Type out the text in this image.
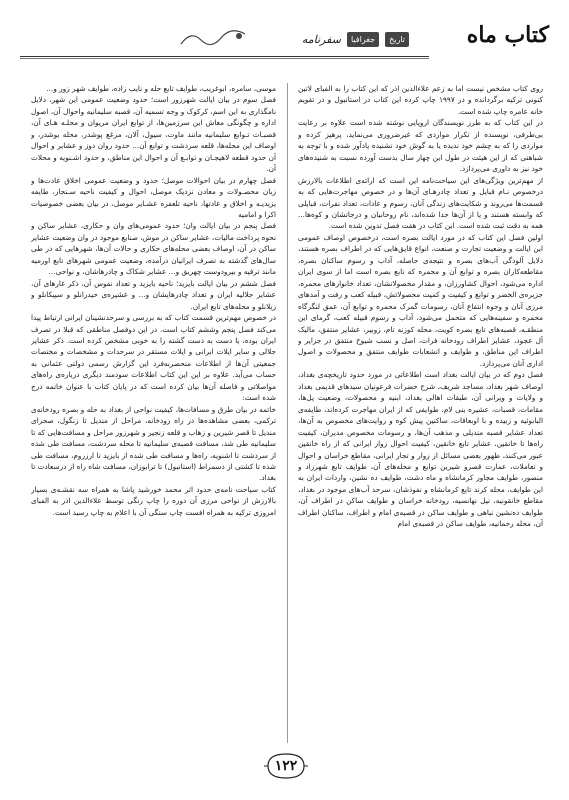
کتاب ماه
تاریخ
جغرافیا
سفرنامه

روی کتاب مشخص نیست اما به زعم علاءالدین اذر که این کتاب را به الفبای لاتین کنونی ترکیه برگردانده و در ۱۹۹۷ چاپ کرده این کتاب در استانبول و در تقویم خانه عامره چاپ شده است.

در این کتاب که به طرز نویسندگان اروپایی نوشته شده است علاوه بر رعایت بی‌طرفی، نویسنده از تکرار مواردی که غیرضروری می‌نماید، پرهیز کرده و مواردی را که به چشم خود ندیده یا به گوش خود نشنیده یادآور شده و با توجه به شباهتی که از این هیئت در طول این چهار سال بدست آورده نسبت به شنیده‌های خود نیز به داوری می‌پردازد.

از مهم‌ترین ویژگی‌های این سیاحت‌نامه این است که ارائه‌ی اطلاعات بالارزش درخصوص نـام قبایل و تعداد چادرهـای آن‌ها و در خصوص مهاجرت‌هایی که به قسمت‌ها می‌روند و شکایت‌های زندگی آنان، رسوم و عادات، تعداد نفرات، قبایلی که وابسته هستند و یا از آن‌ها جدا شده‌اند، نام روحانیان و درجاتشان و کوه‌ها... همه به دقت ثبت شده است. این کتاب در هفت فصل تدوین شده است.

اولین فصل این کتاب که در مورد ایالت بصره است، درخصوص اوصاف عمومی این ایالت و وضعیت تجارت و صنعت، انواع قایق‌هایی که در اطراف بصره هستند، دلایل آلودگی آب‌های بصره و نتیجه‌ی حاصله، آداب و رسوم ساکنان بصره، مقاطعه‌کاران بصره و توابع آن و محمره که تابع بصره است اما از سوی ایران اداره می‌شود، احوال کشاورزان، و مقدار محصولاتشان، تعداد خانوارهای محمره، جزیره‌ی الخضر و توابع و کیفیت و کمیت محصولاتش، قبیله کعب و رفت و آمدهای مرزی آنان و وجوه انتفاع آنان، رسومات گمرک محمره و توابع آن، عمق لنگرگاه محمره و سفینه‌هایی که متحمل می‌شود، آداب و رسوم قبیله کعب، گرمای این منطقـه، قصبه‌های تابع بصره کویت، محله کوزنه تام، زوبیر، عشایر منتفق، مالیک آل عجود، عشایر اطراف رودخانه فرات، اصل و نسب شیوخ منتفق در جزایر و اطراف این مناطق، و طوایف و انشعابات طوایف منتفق و محصولات و اصول اداری آنان می‌پردازد.

فصل دوم که در بیان ایالت بغداد است اطلاعاتی در مورد حدود تاریخچه‌ی بغداد، اوصاف شهر بغداد، مساجد شریف، شرح حضرات فرعونیان سیدهای قدیمی بغداد و ولایات و ویرانی آن، طبقات اهالی بغداد، ابنیه و محصولات، وضعیت پل‌ها، مقامات، قصبات، عشیره بنی لام، طوایفی که از ایران مهاجرت کرده‌اند، طایفه‌ی البابوئیه و زبیده و با اوبعاقات، ساکنین پیش کوه و روایت‌های مخصوص به آن‌ها، تعداد عشایر قصبه مندیلی و مذهب آن‌ها، و رسومات مخصوص مدیران، کیفیت راه‌ها تا خانقین، عشایر تابع خانقین، کیفیت احوال زوار ایرانی که از راه خانقین عبور می‌کنند، ظهور بعضی مسائل از زوار و تجار ایرانی، مقاطع خراسان و احوال و تعاملات، عمارت قصرو شیرین توابع و محله‌های آن، طوایف تابع شهرزاد و منصور، طوایف مجاور کرمانشاه و ماه دشت، طوایف ده نشین، واردات ایران به این طوایف، محله کرند تابع کرمانشاه و نفوذشان، سرحد آب‌های موجود در بغداد، مقاطع خانقونیه، نیل نهانسیه، رودخانه خراسان و طوایف ساکن در اطراف آن، طوایف ده‌نشین نباهی و طوایف ساکن در قصبه‌ی امام و اطراف، ساکنان اطراف آن، محله رحمانیه، طوایف ساکن در قصبه‌ی امام

موسی، سامره، ابوغریب، طوایف تابع حله و نایب زاده، طوایف شهر زور و...

فصل سوم در بیان ایالت شهرزور است؛ حدود وضعیت عمومی این شهر، دلایل نامگذاری به این اسم، کرکوک و وجه تسمیه آن، قصبه سلیمانیه واحوال آن، اصول اداره و چگونگی معاش این سرزمین‌ها، از توابع ایران مریوان و محلـه هـای آن، قصبـات تـوابع سلیمانیه مانند ماوت، سیول، آلان، مرغع پوشدر، محله بوشدر، و اوصاف این محله‌ها، قلعه سردشت و توابع آن... حدود روان دوز و عشایر و احوال آن حدود قطعه لاهیجـان و توابـع آن و احوال این مناطق، و حدود اشـنویه و محلات آن.

فصل چهارم در بیان احوالات موصل؛ حدود و وضعیت عمومی اخلاق عادت‌ها و زبان محصـولات و معادن نزدیک موصل، احوال و کیفیت ناحیه سـنجار، طایفه یزیدیـه و اخلاق و عادتها، ناحیه تلعفره عشـایر موصل، در بیان بعضی خصوصیات اکرا و امامیه

فصل پنجم در بیان ایالت وان؛ حدود عمومی‌های وان و حکاری، عشایر ساکن و نحوه پرداخت مالیات، عشایر ساکن در موش، صنایع موجود در وان وضعیت عشایر ساکن در آن، اوصاف بعضی محله‌های حکاری و حالات آن‌ها، شهرهایی که در طی سال‌های گذشته به تصرف ایرانیان درآمده، وضعیت عمومی شهرهای تابع اورمیه مانند ترقیه و بیرودوست چهریق و... عشایر شکاک و چادرهاشان، و نواحی...

فصل ششم در بیان ایالت بایزید؛ ناحیه بایزید و تعداد نفوس آن، ذکر غارهای آن، عشایر جلالیه ایران و تعداد چادرهایشان و... و عشیره‌ی حیدرانلو و سپیکانلو و زیلانلو و محله‌های تابع ایران.

در خصوص مهم‌ترین قسمت کتاب که به بررسی و سرحدنشینان ایرانی ارتباط پیدا می‌کند فصل پنجم وششم کتاب است. در این دوفصل مناطقی که قبلا در تصرف ایران بوده، یا دست به دست گشته را به خوبی مشخص کرده است. ذکر عشایر جلالی و سایر ایلات ایرانی و ایلات مستقر در سرحدات و مشخصات و مختصات جمعیتی آن‌ها از اطلاعات منحصربه‌فرد این گزارش رسمی دولتی عثمانی به حساب می‌آید. علاوه بر این این کتاب اطلاعات سودمند دیگری درباره‌ی راه‌های مواصلاتی و فاصله آن‌ها بیان کرده است که در پایان کتاب با عنوان خاتمه درج شده است:

خاتمه در بیان طرق و مسافات‌ها، کیفیت نواحی از بغداد به حله و بصره رودخانه‌ی ترکمی، بعضی مشاهده‌ها در راه رودخانه، مراحل از مندیل تا زنگول، صحرای مندیل تا قصر شیرین و زهاب و قلعه زنجیر و شهرزور مراحل و مسافت‌هایی که تا سلیمانیه طی شد، مسافت قصبه‌ی سلیمانیه تا محله سردشت، مسافت طی شده از سردشت تا اشنویه، راه‌ها و مسافت طی شده از بایزید تا ارزروم، مسافت طی شده تا کشتی از دسمراط (استانبول) تا ترابوزان، مسافت شاه راه از درسعادت تا بغداد.

کتاب سیاحت نامه‌ی حدود اثر محمد خورشید پاشا به همراه سه نقشـه‌ی بسیار بالارزش از نواحی مرزی آن دوره را چاپ رنگی توسط علاءالدین اذر به الفبای امروزی ترکیه به همراه افست چاپ سنگی آن با اعلام به چاپ رسید است.

۱۲۲
